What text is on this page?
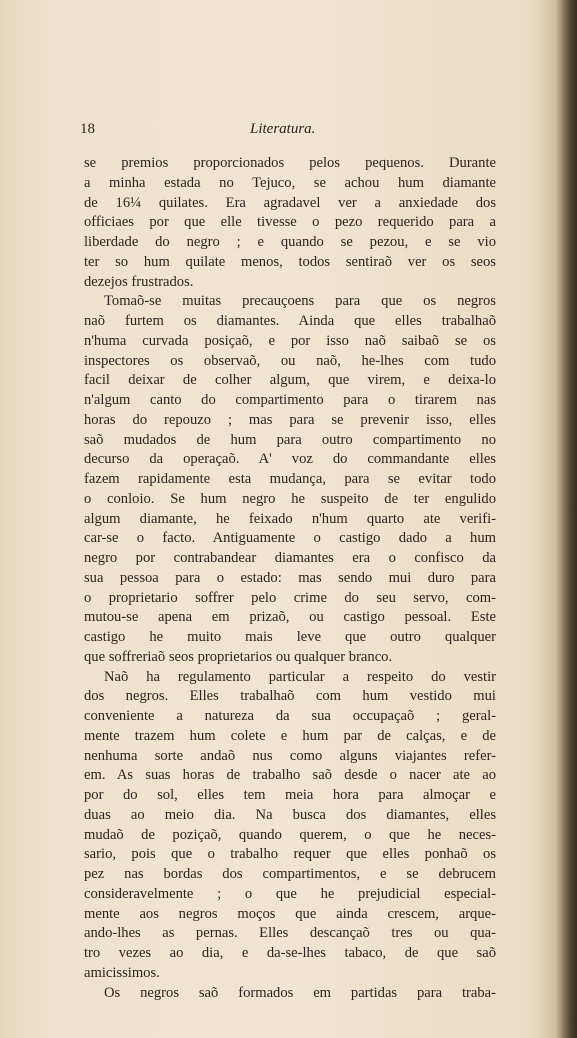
18	Literatura.
se premios proporcionados pelos pequenos. Durante
a minha estada no Tejuco, se achou hum diamante
de 16¼ quilates. Era agradavel ver a anxiedade dos
officiaes por que elle tivesse o pezo requerido para a
liberdade do negro ; e quando se pezou, e se vio
ter so hum quilate menos, todos sentiraõ ver os seos
dezejos frustrados.
Tomaõ-se muitas precauçoens para que os negros
naõ furtem os diamantes. Ainda que elles trabalhaõ
n'huma curvada posiçaõ, e por isso naõ saibaõ se os
inspectores os observaõ, ou naõ, he-lhes com tudo
facil deixar de colher algum, que virem, e deixa-lo
n'algum canto do compartimento para o tirarem nas
horas do repouzo ; mas para se prevenir isso, elles
saõ mudados de hum para outro compartimento no
decurso da operaçaõ. A' voz do commandante elles
fazem rapidamente esta mudança, para se evitar todo
o conloio. Se hum negro he suspeito de ter engulido
algum diamante, he feixado n'hum quarto ate verifi-
car-se o facto. Antiguamente o castigo dado a hum
negro por contrabandear diamantes era o confisco da
sua pessoa para o estado: mas sendo mui duro para
o proprietario soffrer pelo crime do seu servo, com-
mutou-se apena em prizaõ, ou castigo pessoal. Este
castigo he muito mais leve que outro qualquer
que soffreriaõ seos proprietarios ou qualquer branco.
Naõ ha regulamento particular a respeito do vestir
dos negros. Elles trabalhaõ com hum vestido mui
conveniente a natureza da sua occupaçaõ ; geral-
mente trazem hum colete e hum par de calças, e de
nenhuma sorte andaõ nus como alguns viajantes refer-
em. As suas horas de trabalho saõ desde o nacer ate ao
por do sol, elles tem meia hora para almoçar e
duas ao meio dia. Na busca dos diamantes, elles
mudaõ de poziçaõ, quando querem, o que he neces-
sario, pois que o trabalho requer que elles ponhaõ os
pez nas bordas dos compartimentos, e se debrucem
consideravelmente ; o que he prejudicial especial-
mente aos negros moços que ainda crescem, arque-
ando-lhes as pernas. Elles descançaõ tres ou qua-
tro vezes ao dia, e da-se-lhes tabaco, de que saõ
amicissimos.
Os negros saõ formados em partidas para traba-
